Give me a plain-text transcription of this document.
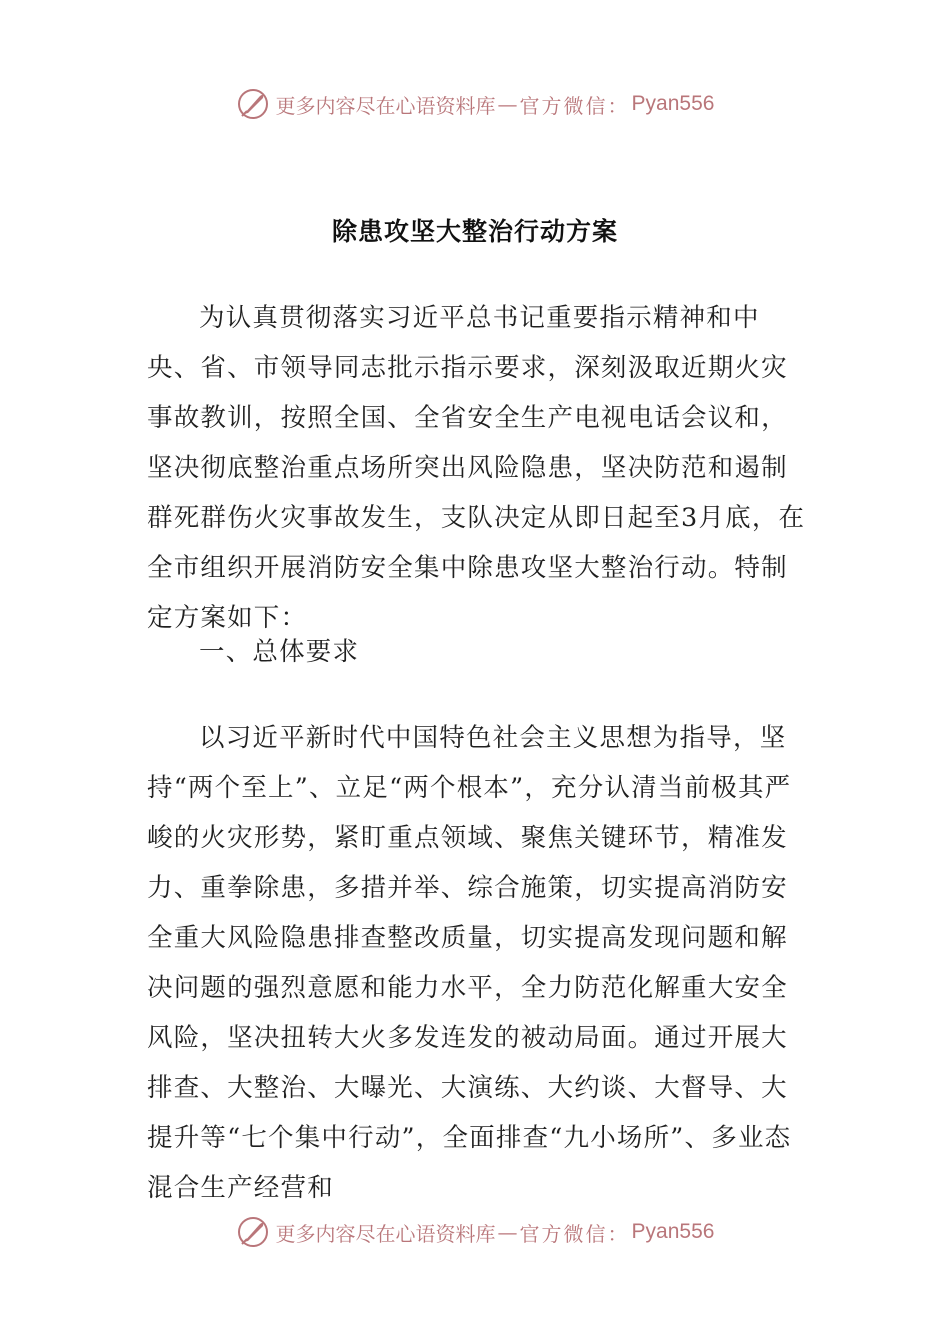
更多内容尽在心语资料库 — 官方微信： Pyan556
除患攻坚大整治行动方案

为认真贯彻落实习近平总书记重要指示精神和中央、省、市领导同志批示指示要求，深刻汲取近期火灾事故教训，按照全国、全省安全生产电视电话会议和，坚决彻底整治重点场所突出风险隐患，坚决防范和遏制群死群伤火灾事故发生，支队决定从即日起至3月底，在全市组织开展消防安全集中除患攻坚大整治行动。特制定方案如下：

一、总体要求

以习近平新时代中国特色社会主义思想为指导，坚持“两个至上”、立足“两个根本”，充分认清当前极其严峻的火灾形势，紧盯重点领域、聚焦关键环节，精准发力、重拳除患，多措并举、综合施策，切实提高消防安全重大风险隐患排查整改质量，切实提高发现问题和解决问题的强烈意愿和能力水平，全力防范化解重大安全风险，坚决扭转大火多发连发的被动局面。通过开展大排查、大整治、大曝光、大演练、大约谈、大督导、大提升等“七个集中行动”，全面排查“九小场所”、多业态混合生产经营和

更多内容尽在心语资料库 — 官方微信： Pyan556
